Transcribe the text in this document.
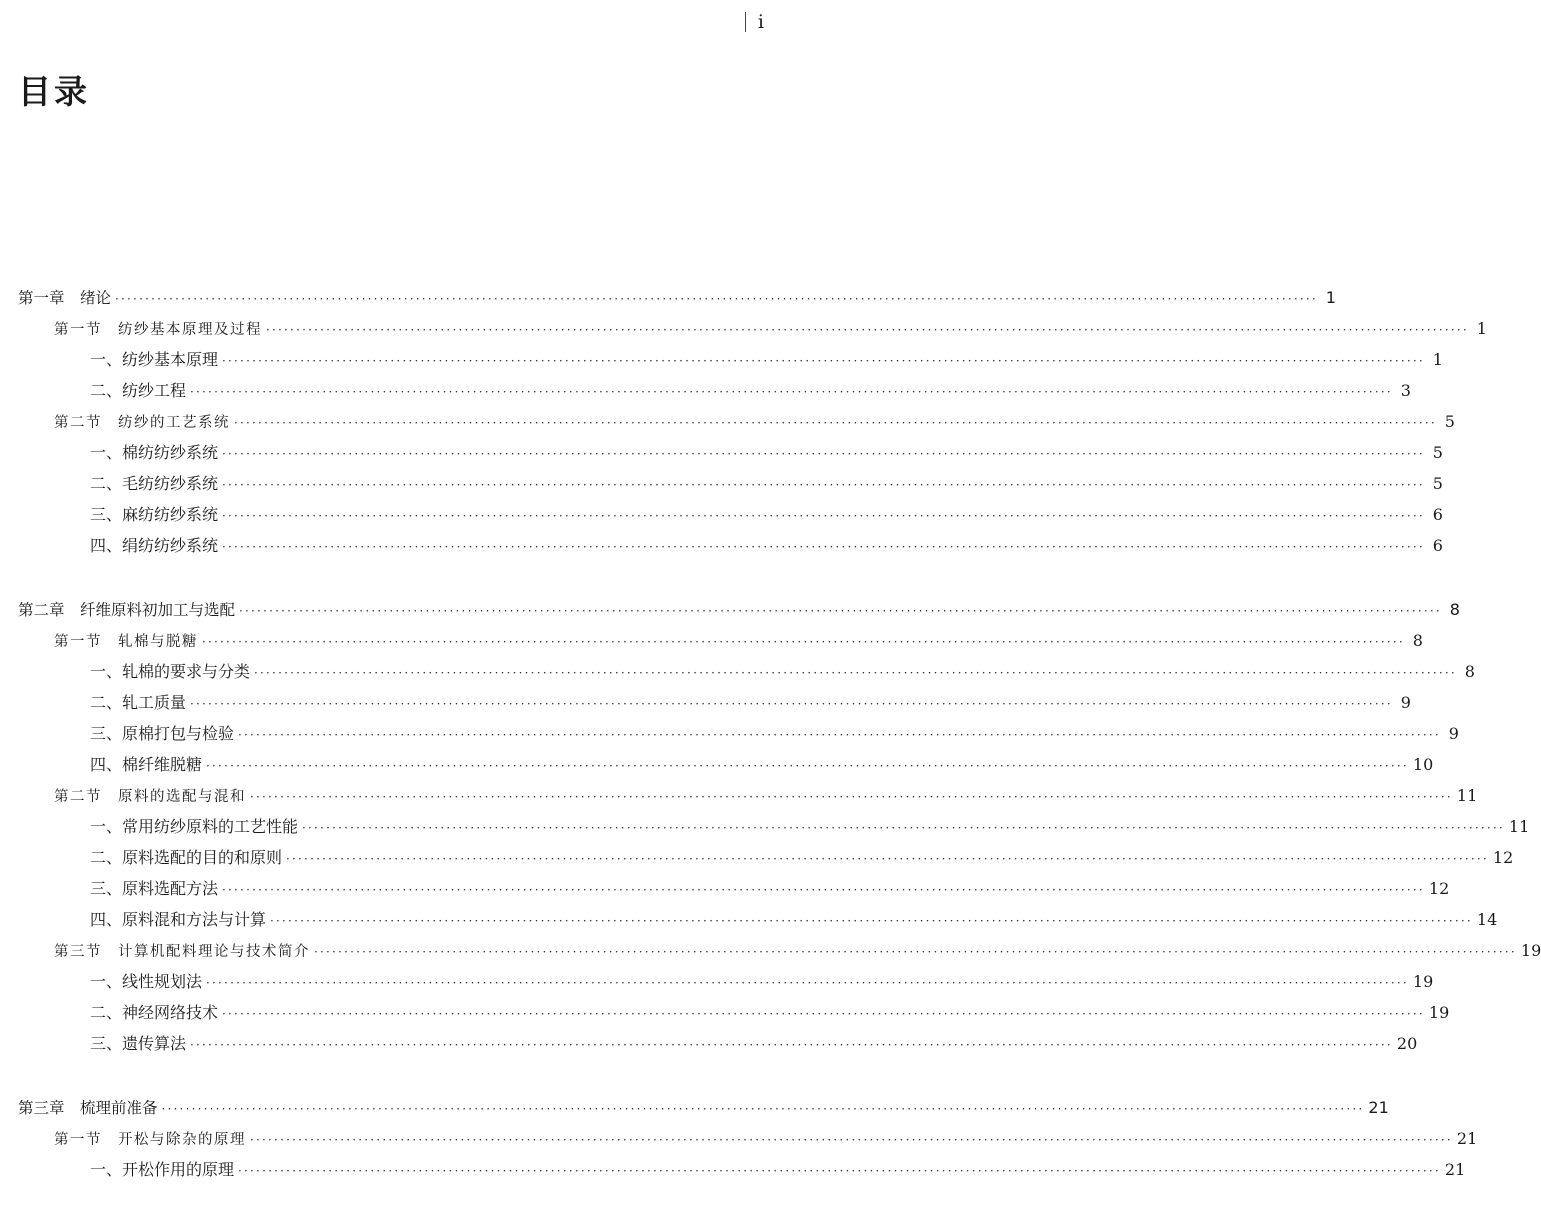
i
目录
第一章　绪论 ········································································································································································································ 1
第一节　纺纱基本原理及过程 ········································································································································································································ 1
一、纺纱基本原理 ········································································································································································································ 1
二、纺纱工程 ········································································································································································································ 3
第二节　纺纱的工艺系统 ········································································································································································································ 5
一、棉纺纺纱系统 ········································································································································································································ 5
二、毛纺纺纱系统 ········································································································································································································ 5
三、麻纺纺纱系统 ········································································································································································································ 6
四、绢纺纺纱系统 ········································································································································································································ 6
第二章　纤维原料初加工与选配 ········································································································································································································ 8
第一节　轧棉与脱糖 ········································································································································································································ 8
一、轧棉的要求与分类 ········································································································································································································ 8
二、轧工质量 ········································································································································································································ 9
三、原棉打包与检验 ········································································································································································································ 9
四、棉纤维脱糖 ········································································································································································································ 10
第二节　原料的选配与混和 ········································································································································································································ 11
一、常用纺纱原料的工艺性能 ········································································································································································································ 11
二、原料选配的目的和原则 ········································································································································································································ 12
三、原料选配方法 ········································································································································································································ 12
四、原料混和方法与计算 ········································································································································································································ 14
第三节　计算机配料理论与技术简介 ········································································································································································································ 19
一、线性规划法 ········································································································································································································ 19
二、神经网络技术 ········································································································································································································ 19
三、遗传算法 ········································································································································································································ 20
第三章　梳理前准备 ········································································································································································································ 21
第一节　开松与除杂的原理 ········································································································································································································ 21
一、开松作用的原理 ········································································································································································································ 21
